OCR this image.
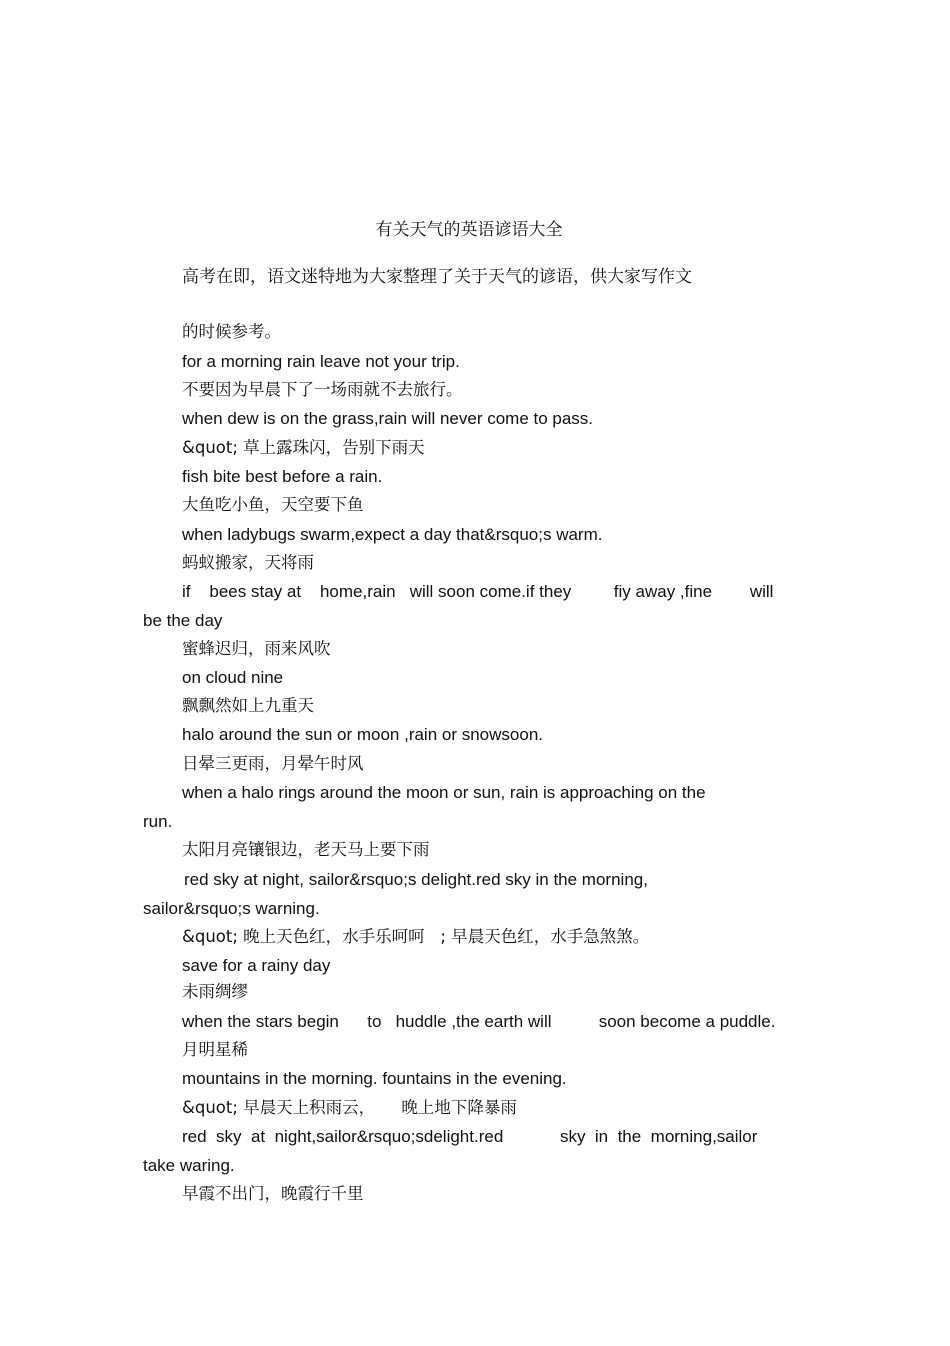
有关天气的英语谚语大全
高考在即，语文迷特地为大家整理了关于天气的谚语，供大家写作文
的时候参考。
for a morning rain leave not your trip.
不要因为早晨下了一场雨就不去旅行。
when dew is on the grass,rain will never come to pass.
&quot; 草上露珠闪，告别下雨天
fish bite best before a rain.
大鱼吃小鱼，天空要下鱼
when ladybugs swarm,expect a day that&rsquo;s warm.
蚂蚁搬家，天将雨
if    bees stay at    home,rain   will soon come.if they         fiy away ,fine        will
be the day
蜜蜂迟归，雨来风吹
on cloud nine
飘飘然如上九重天
halo around the sun or moon ,rain or snowsoon.
日晕三更雨，月晕午时风
when a halo rings around the moon or sun, rain is approaching on the
run.
太阳月亮镶银边，老天马上要下雨
red sky at night, sailor&rsquo;s delight.red sky in the morning,
sailor&rsquo;s warning.
&quot; 晚上天色红，水手乐呵呵   ; 早晨天色红，水手急煞煞。
save for a rainy day
未雨绸缪
when the stars begin      to   huddle ,the earth will          soon become a puddle.
月明星稀
mountains in the morning. fountains in the evening.
&quot; 早晨天上积雨云，     晚上地下降暴雨
red  sky  at  night,sailor&rsquo;sdelight.red            sky  in  the  morning,sailor
take waring.
早霞不出门，晚霞行千里
